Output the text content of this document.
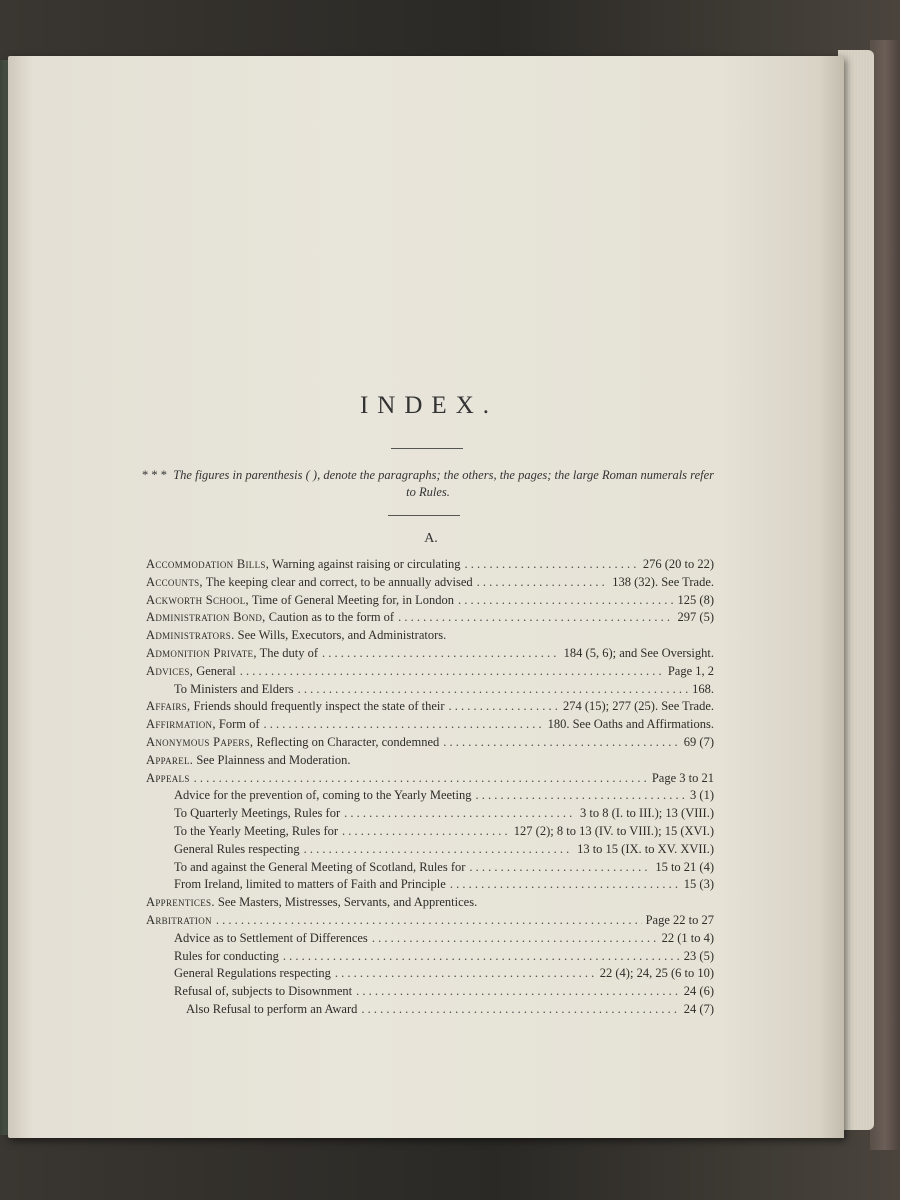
INDEX.
* * * The figures in parenthesis ( ), denote the paragraphs; the others, the pages; the large Roman numerals refer to Rules.
A.
Accommodation Bills, Warning against raising or circulating . . .	276 (20 to 22)
Accounts, The keeping clear and correct, to be annually advised . . .	138 (32). See Trade.
Ackworth School, Time of General Meeting for, in London . . .	125 (8)
Administration Bond, Caution as to the form of . . .	297 (5)
Administrators. See Wills, Executors, and Administrators.
Admonition Private, The duty of . . .	184 (5, 6); and See Oversight.
Advices, General . . .	Page 1, 2
To Ministers and Elders . . .	168.
Affairs, Friends should frequently inspect the state of their . . .	274 (15); 277 (25). See Trade.
Affirmation, Form of . . .	180. See Oaths and Affirmations.
Anonymous Papers, Reflecting on Character, condemned . . .	69 (7)
Apparel. See Plainness and Moderation.
Appeals . . .	Page 3 to 21
Advice for the prevention of, coming to the Yearly Meeting . . .	3 (1)
To Quarterly Meetings, Rules for . . .	3 to 8 (I. to III.); 13 (VIII.)
To the Yearly Meeting, Rules for . . .	127 (2); 8 to 13 (IV. to VIII.); 15 (XVI.)
General Rules respecting . . .	13 to 15 (IX. to XV. XVII.)
To and against the General Meeting of Scotland, Rules for . . .	15 to 21 (4)
From Ireland, limited to matters of Faith and Principle . . .	15 (3)
Apprentices. See Masters, Mistresses, Servants, and Apprentices.
Arbitration . . .	Page 22 to 27
Advice as to Settlement of Differences . . .	22 (1 to 4)
Rules for conducting . . .	23 (5)
General Regulations respecting . . .	22 (4); 24, 25 (6 to 10)
Refusal of, subjects to Disownment . . .	24 (6)
Also Refusal to perform an Award . . .	24 (7)
